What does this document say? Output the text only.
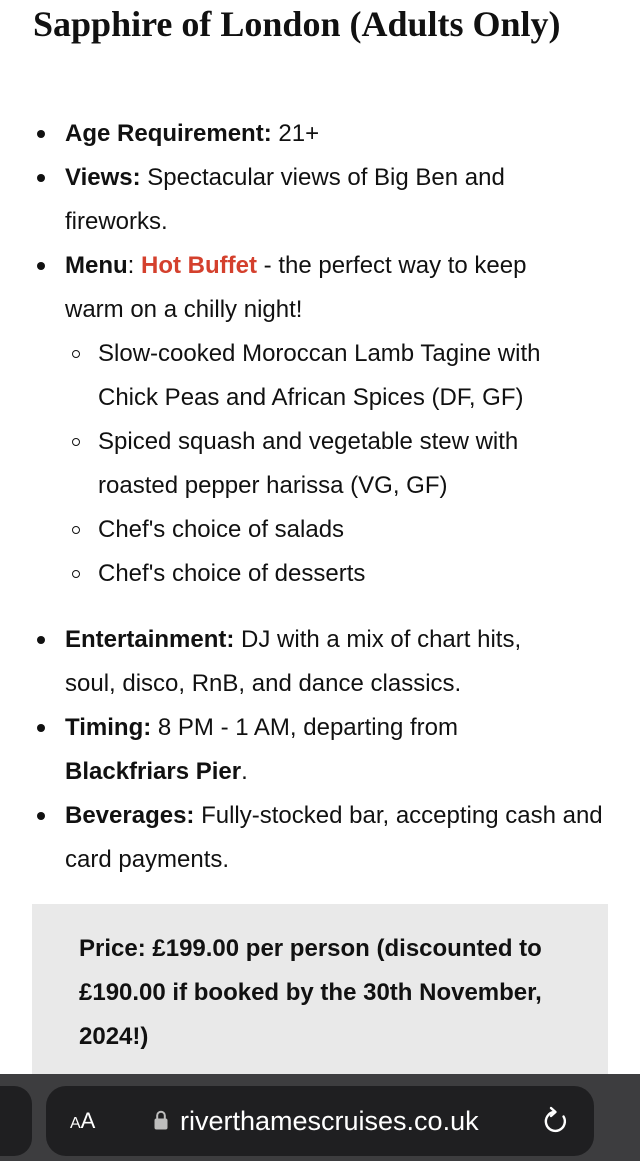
Sapphire of London (Adults Only)
Age Requirement: 21+
Views: Spectacular views of Big Ben and fireworks.
Menu: Hot Buffet - the perfect way to keep warm on a chilly night!
Slow-cooked Moroccan Lamb Tagine with Chick Peas and African Spices (DF, GF)
Spiced squash and vegetable stew with roasted pepper harissa (VG, GF)
Chef's choice of salads
Chef's choice of desserts
Entertainment: DJ with a mix of chart hits, soul, disco, RnB, and dance classics.
Timing: 8 PM - 1 AM, departing from Blackfriars Pier.
Beverages: Fully-stocked bar, accepting cash and card payments.
Price: £199.00 per person (discounted to £190.00 if booked by the 30th November, 2024!)
AA	riverthamescruises.co.uk
